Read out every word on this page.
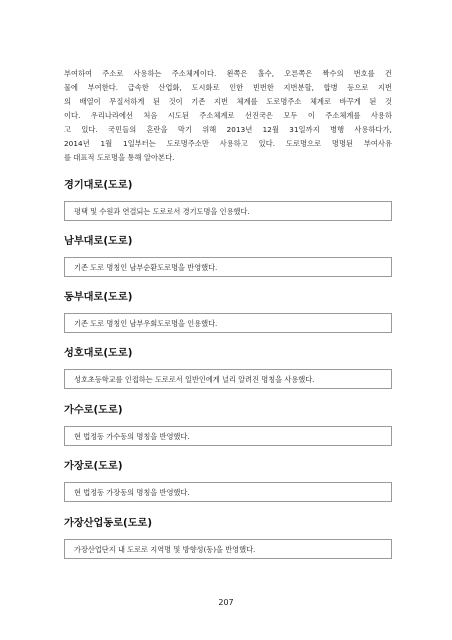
부여하여 주소로 사용하는 주소체계이다. 왼쪽은 홀수, 오른쪽은 짝수의 번호를 건
물에 부여한다. 급속한 산업화, 도시화로 인한 빈번한 지번분할, 합병 등으로 지번
의 배열이 무질서하게 된 것이 기존 지번 체계를 도로명주소 체계로 바꾸게 된 것
이다. 우리나라에선 처음 시도된 주소체계로 선진국은 모두 이 주소체계를 사용하
고 있다. 국민들의 혼란을 막기 위해 2013년 12월 31일까지 병행 사용하다가,
2014년 1월 1일부터는 도로명주소만 사용하고 있다. 도로명으로 명명된 부여사유
를 대표적 도로명을 통해 알아본다.
경기대로(도로)
평택 및 수원과 연결되는 도로로서 경기도명을 인용했다.
남부대로(도로)
기존 도로 명칭인 남부순환도로명을 반영했다.
동부대로(도로)
기존 도로 명칭인 남부우회도로명을 인용했다.
성호대로(도로)
성호초등학교를 인접하는 도로로서 일반인에게 널리 알려진 명칭을 사용했다.
가수로(도로)
현 법정동 가수동의 명칭을 반영했다.
가장로(도로)
현 법정동 가장동의 명칭을 반영했다.
가장산업동로(도로)
가장산업단지 내 도로로 지역명 및 방향성(동)을 반영했다.
207
